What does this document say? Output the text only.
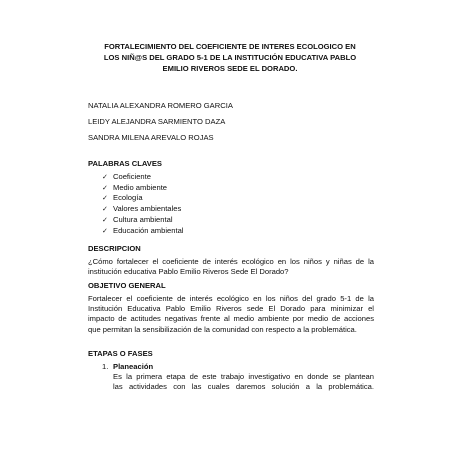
FORTALECIMIENTO DEL COEFICIENTE DE INTERES ECOLOGICO EN
LOS NIÑ@S DEL GRADO 5-1 DE LA INSTITUCIÓN EDUCATIVA PABLO
EMILIO RIVEROS SEDE EL DORADO.
NATALIA ALEXANDRA ROMERO GARCIA
LEIDY ALEJANDRA SARMIENTO DAZA
SANDRA MILENA AREVALO ROJAS
PALABRAS CLAVES
✓ Coeficiente
✓ Medio ambiente
✓ Ecología
✓ Valores ambientales
✓ Cultura ambiental
✓ Educación ambiental
DESCRIPCION
¿Cómo fortalecer el coeficiente de interés ecológico en los niños y niñas de la
institución educativa Pablo Emilio Riveros Sede El Dorado?
OBJETIVO GENERAL
Fortalecer el coeficiente de interés ecológico en los niños del grado 5-1 de la
Institución Educativa Pablo Emilio Riveros sede El Dorado para minimizar el
impacto de actitudes negativas frente al medio ambiente por medio de acciones
que permitan la sensibilización de la comunidad con respecto a la problemática.
ETAPAS O FASES
1. Planeación
Es la primera etapa de este trabajo investigativo en donde se plantean
las actividades con las cuales daremos solución a la problemática.
